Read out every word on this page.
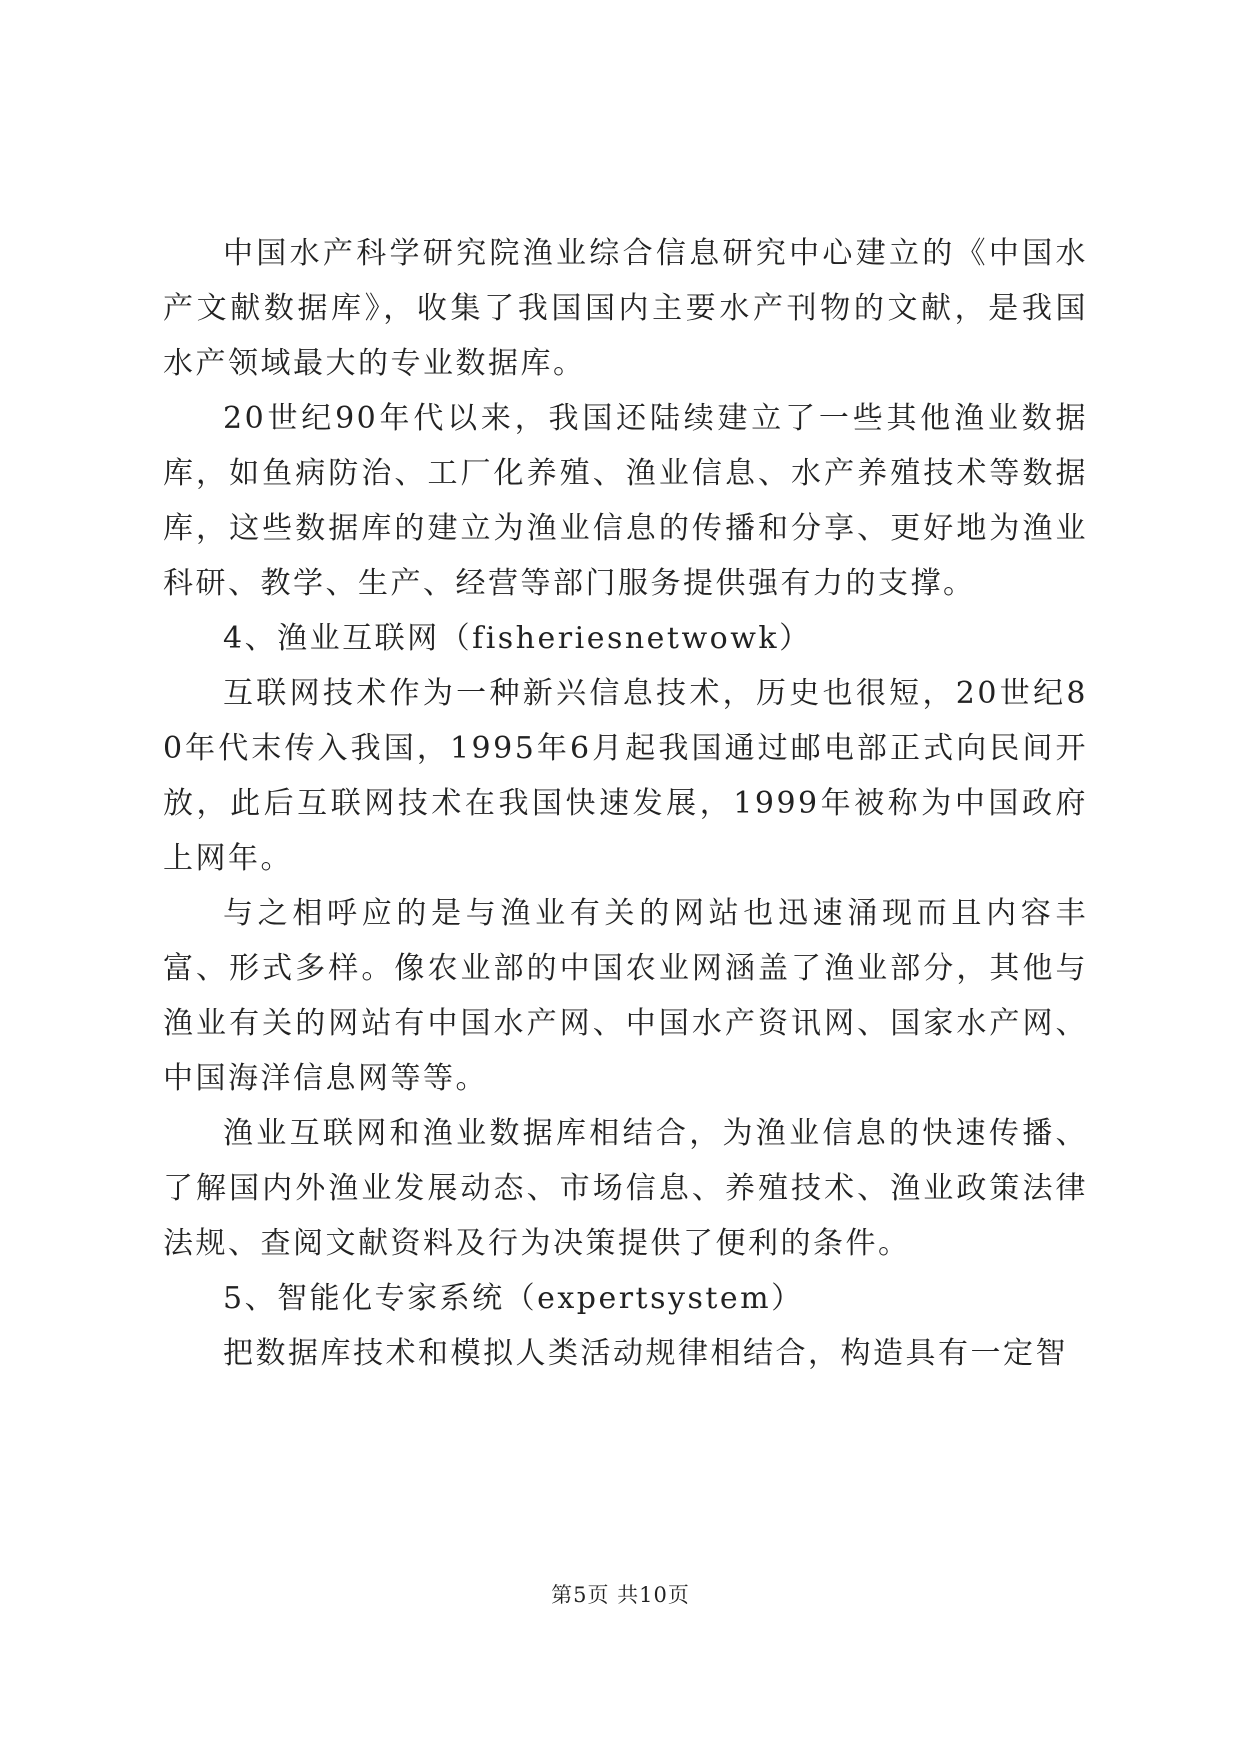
中国水产科学研究院渔业综合信息研究中心建立的《中国水产文献数据库》，收集了我国国内主要水产刊物的文献，是我国水产领域最大的专业数据库。

20世纪90年代以来，我国还陆续建立了一些其他渔业数据库，如鱼病防治、工厂化养殖、渔业信息、水产养殖技术等数据库，这些数据库的建立为渔业信息的传播和分享、更好地为渔业科研、教学、生产、经营等部门服务提供强有力的支撑。

4、渔业互联网（fisheriesnetwowk）

互联网技术作为一种新兴信息技术，历史也很短，20世纪80年代末传入我国，1995年6月起我国通过邮电部正式向民间开放，此后互联网技术在我国快速发展，1999年被称为中国政府上网年。

与之相呼应的是与渔业有关的网站也迅速涌现而且内容丰富、形式多样。像农业部的中国农业网涵盖了渔业部分，其他与渔业有关的网站有中国水产网、中国水产资讯网、国家水产网、中国海洋信息网等等。

渔业互联网和渔业数据库相结合，为渔业信息的快速传播、了解国内外渔业发展动态、市场信息、养殖技术、渔业政策法律法规、查阅文献资料及行为决策提供了便利的条件。

5、智能化专家系统（expertsystem）

把数据库技术和模拟人类活动规律相结合，构造具有一定智

第5页 共10页
